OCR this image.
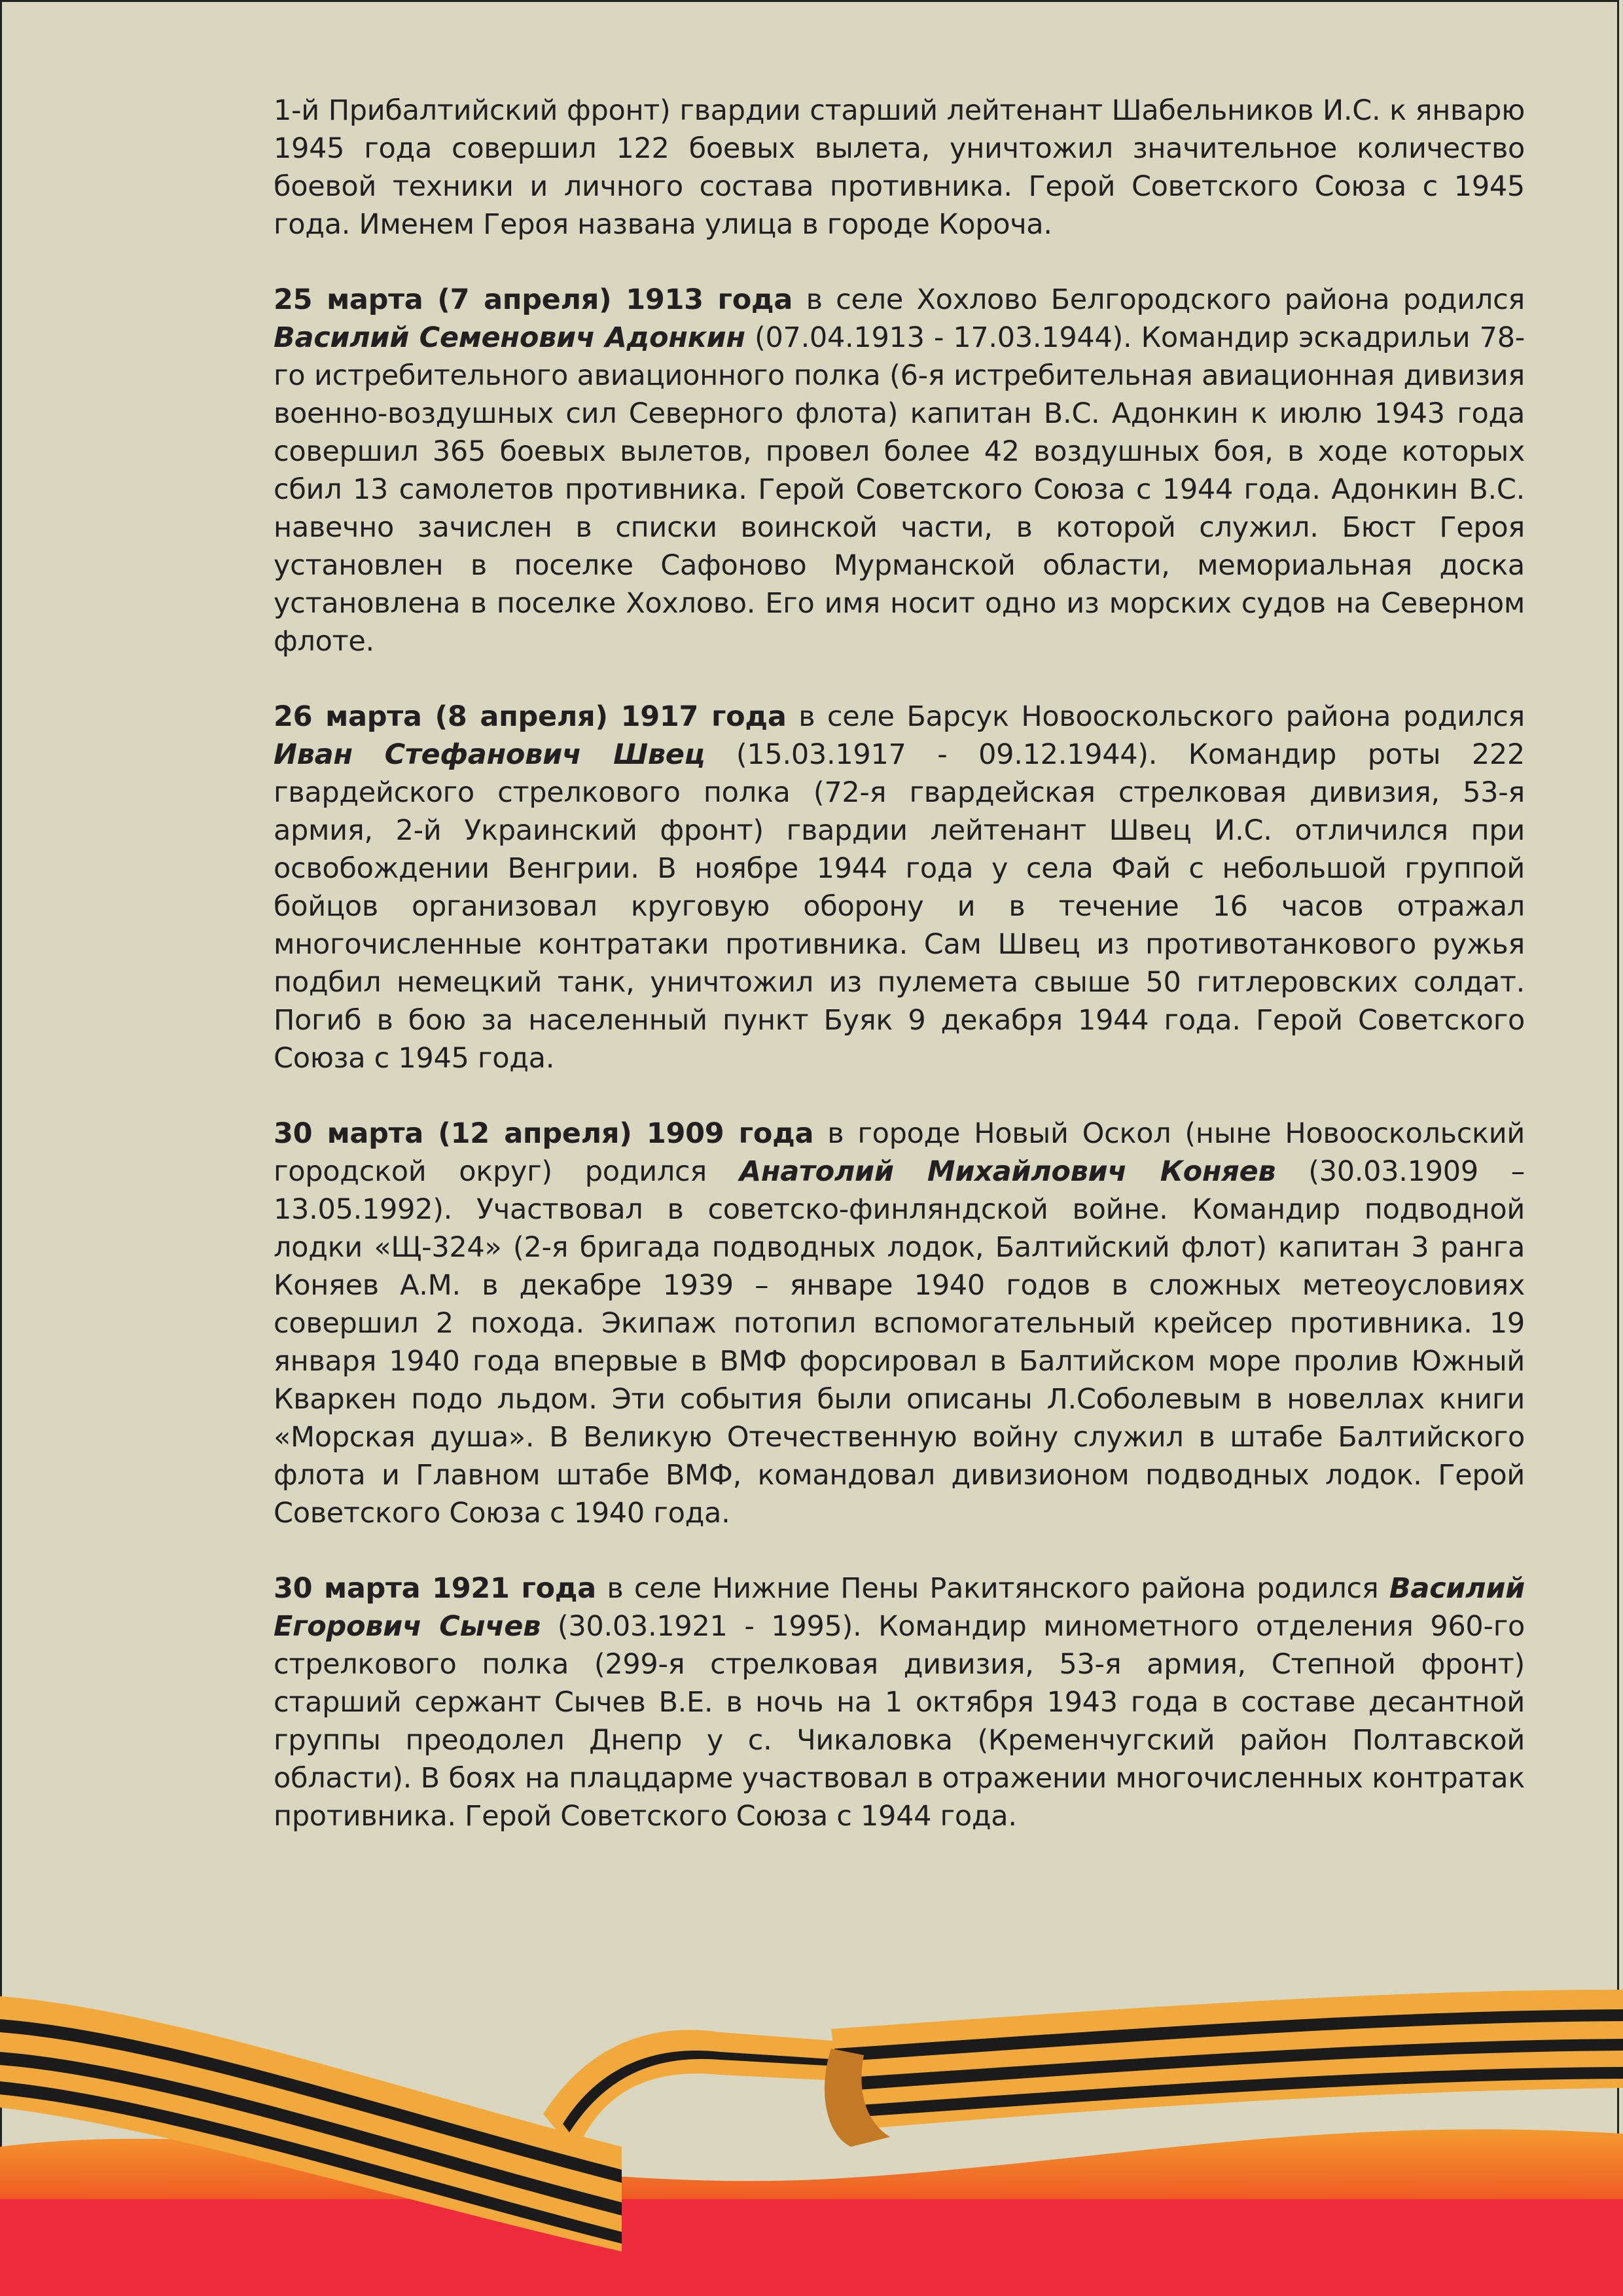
1-й Прибалтийский фронт) гвардии старший лейтенант Шабельников И.С. к январю 1945 года совершил 122 боевых вылета, уничтожил значительное количество боевой техники и личного состава противника. Герой Советского Союза с 1945 года. Именем Героя названа улица в городе Короча.

25 марта (7 апреля) 1913 года в селе Хохлово Белгородского района родился Василий Семенович Адонкин (07.04.1913 - 17.03.1944). Командир эскадрильи 78-го истребительного авиационного полка (6-я истребительная авиационная дивизия военно-воздушных сил Северного флота) капитан В.С. Адонкин к июлю 1943 года совершил 365 боевых вылетов, провел более 42 воздушных боя, в ходе которых сбил 13 самолетов противника. Герой Советского Союза с 1944 года. Адонкин В.С. навечно зачислен в списки воинской части, в которой служил. Бюст Героя установлен в поселке Сафоново Мурманской области, мемориальная доска установлена в поселке Хохлово. Его имя носит одно из морских судов на Северном флоте.

26 марта (8 апреля) 1917 года в селе Барсук Новооскольского района родился Иван Стефанович Швец (15.03.1917 - 09.12.1944). Командир роты 222 гвардейского стрелкового полка (72-я гвардейская стрелковая дивизия, 53-я армия, 2-й Украинский фронт) гвардии лейтенант Швец И.С. отличился при освобождении Венгрии. В ноябре 1944 года у села Фай с небольшой группой бойцов организовал круговую оборону и в течение 16 часов отражал многочисленные контратаки противника. Сам Швец из противотанкового ружья подбил немецкий танк, уничтожил из пулемета свыше 50 гитлеровских солдат. Погиб в бою за населенный пункт Буяк 9 декабря 1944 года. Герой Советского Союза с 1945 года.

30 марта (12 апреля) 1909 года в городе Новый Оскол (ныне Новооскольский городской округ) родился Анатолий Михайлович Коняев (30.03.1909 – 13.05.1992). Участвовал в советско-финляндской войне. Командир подводной лодки «Щ-324» (2-я бригада подводных лодок, Балтийский флот) капитан 3 ранга Коняев А.М. в декабре 1939 – январе 1940 годов в сложных метеоусловиях совершил 2 похода. Экипаж потопил вспомогательный крейсер противника. 19 января 1940 года впервые в ВМФ форсировал в Балтийском море пролив Южный Кваркен подо льдом. Эти события были описаны Л.Соболевым в новеллах книги «Морская душа». В Великую Отечественную войну служил в штабе Балтийского флота и Главном штабе ВМФ, командовал дивизионом подводных лодок. Герой Советского Союза с 1940 года.

30 марта 1921 года в селе Нижние Пены Ракитянского района родился Василий Егорович Сычев (30.03.1921 - 1995). Командир минометного отделения 960-го стрелкового полка (299-я стрелковая дивизия, 53-я армия, Степной фронт) старший сержант Сычев В.Е. в ночь на 1 октября 1943 года в составе десантной группы преодолел Днепр у с. Чикаловка (Кременчугский район Полтавской области). В боях на плацдарме участвовал в отражении многочисленных контратак противника. Герой Советского Союза с 1944 года.
